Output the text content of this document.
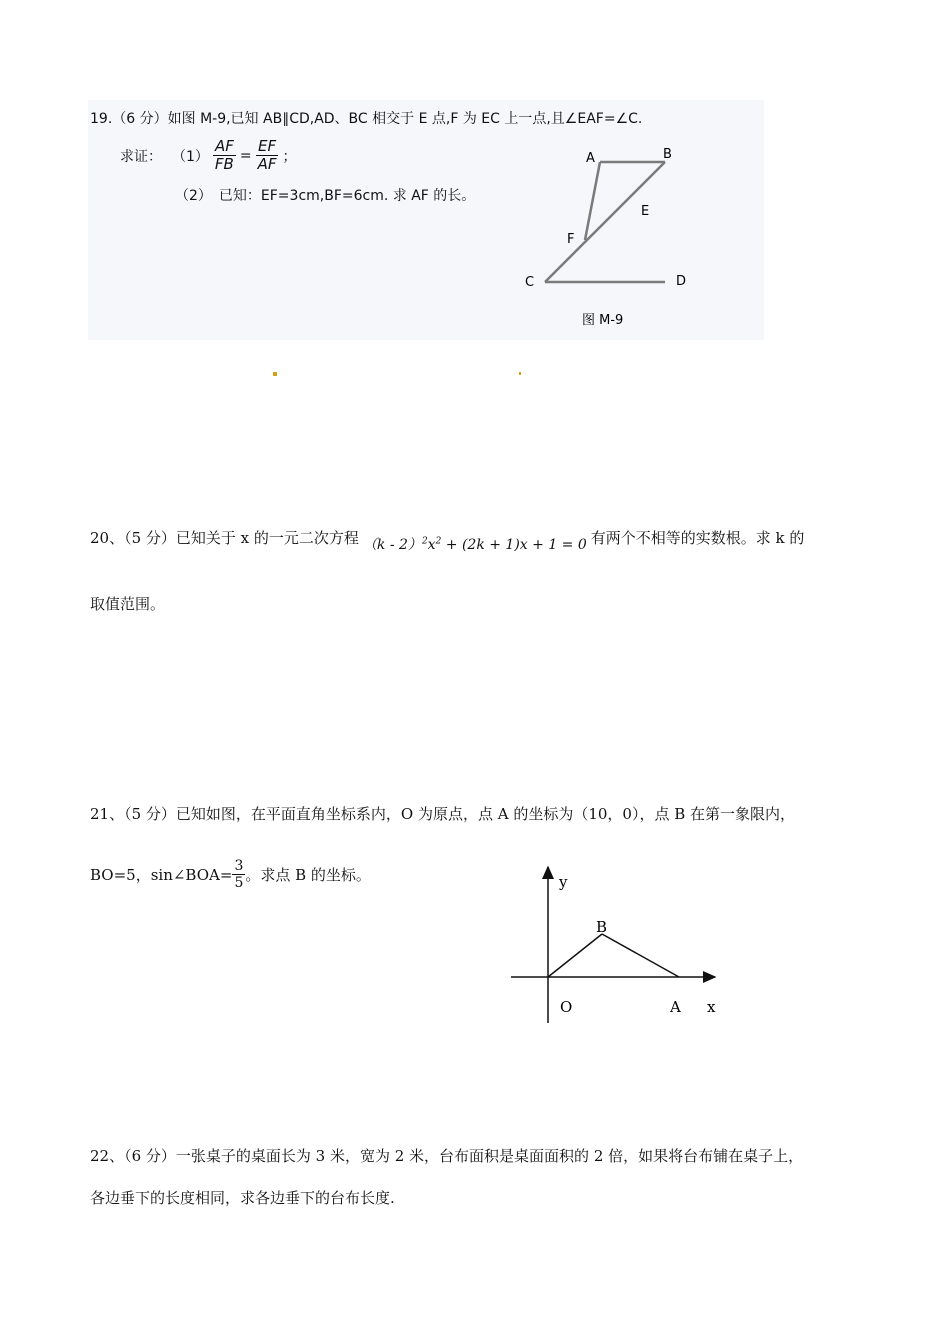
19.（6 分）如图 M-9,已知 AB∥CD,AD、BC 相交于 E 点,F 为 EC 上一点,且∠EAF=∠C.
求证： $(1) \frac{AF}{FB} = \frac{EF}{AF}$ ；
（2）　已知：EF=3cm,BF=6cm. 求 AF 的长。
A	B
E
F
C	D
图 M-9
20、（5 分）已知关于 x 的一元二次方程 $(k - 2)^2x^2 + (2k + 1)x + 1 = 0$ 有两个不相等的实数根。求 k 的
取值范围。
21、（5 分）已知如图，在平面直角坐标系内，O 为原点，点 A 的坐标为（10，0），点 B 在第一象限内，
BO=5，sin∠BOA= $\frac{3}{5}$ 。求点 B 的坐标。	y
B
O	A x
22、（6 分）一张桌子的桌面长为 3 米，宽为 2 米，台布面积是桌面面积的 2 倍，如果将台布铺在桌子上，
各边垂下的长度相同，求各边垂下的台布长度.
